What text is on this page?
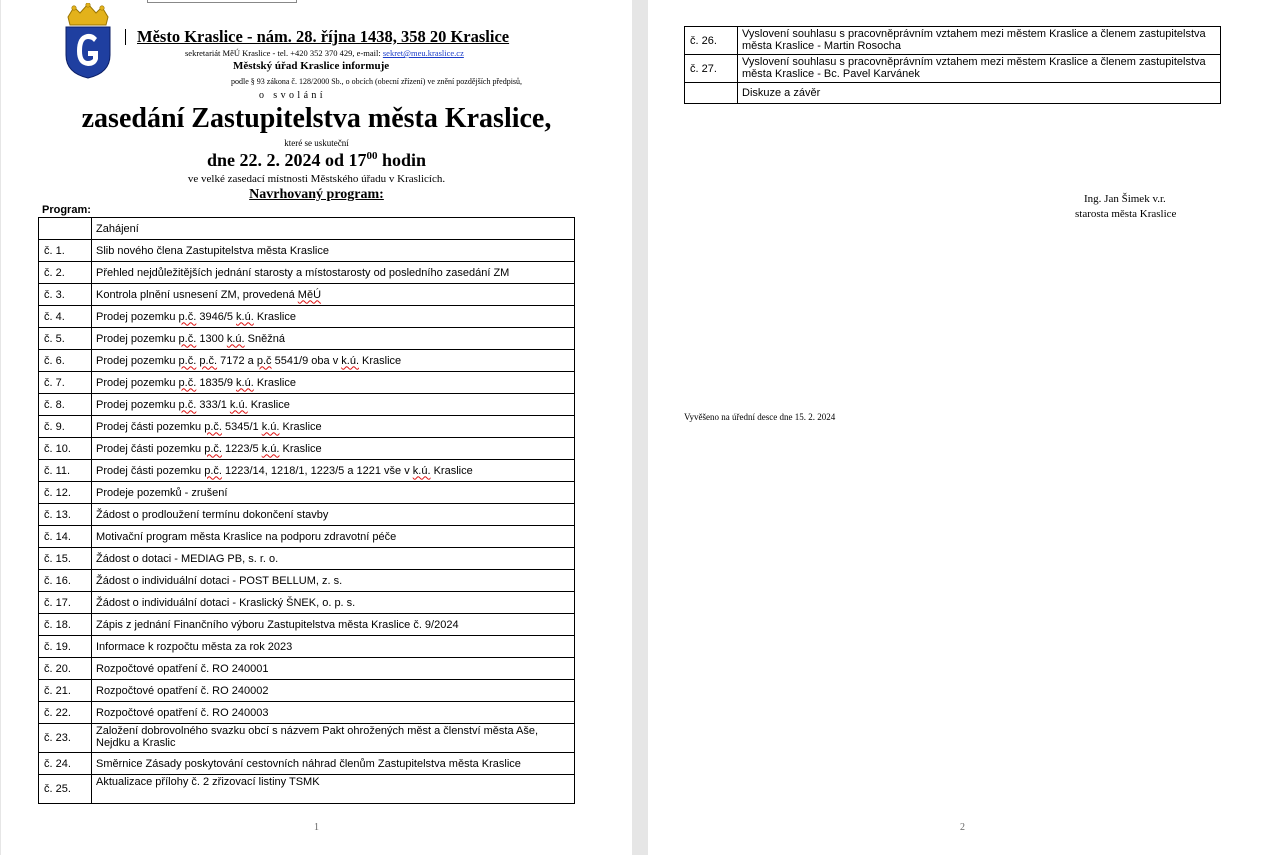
Město Kraslice - nám. 28. října 1438, 358 20 Kraslice
sekretariát MěÚ Kraslice - tel. +420 352 370 429, e-mail: sekret@meu.kraslice.cz
Městský úřad Kraslice informuje
podle § 93 zákona č. 128/2000 Sb., o obcích (obecní zřízení) ve znění pozdějších předpisů,
o svolání
zasedání Zastupitelstva města Kraslice,
které se uskuteční
dne 22. 2. 2024 od $17^{00}$ hodin
ve velké zasedací místnosti Městského úřadu v Kraslicích.
Navrhovaný program:
Program:
	Zahájení
č. 1.	Slib nového člena Zastupitelstva města Kraslice
č. 2.	Přehled nejdůležitějších jednání starosty a místostarosty od posledního zasedání ZM
č. 3.	Kontrola plnění usnesení ZM, provedená MěÚ
č. 4.	Prodej pozemku p.č. 3946/5 k.ú. Kraslice
č. 5.	Prodej pozemku p.č. 1300 k.ú. Sněžná
č. 6.	Prodej pozemku p.č. p.č. 7172 a p.č 5541/9 oba v k.ú. Kraslice
č. 7.	Prodej pozemku p.č. 1835/9 k.ú. Kraslice
č. 8.	Prodej pozemku p.č. 333/1 k.ú. Kraslice
č. 9.	Prodej části pozemku p.č. 5345/1 k.ú. Kraslice
č. 10.	Prodej části pozemku p.č. 1223/5 k.ú. Kraslice
č. 11.	Prodej části pozemku p.č. 1223/14, 1218/1, 1223/5 a 1221 vše v k.ú. Kraslice
č. 12.	Prodeje pozemků - zrušení
č. 13.	Žádost o prodloužení termínu dokončení stavby
č. 14.	Motivační program města Kraslice na podporu zdravotní péče
č. 15.	Žádost o dotaci - MEDIAG PB, s. r. o.
č. 16.	Žádost o individuální dotaci - POST BELLUM, z. s.
č. 17.	Žádost o individuální dotaci - Kraslický ŠNEK, o. p. s.
č. 18.	Zápis z jednání Finančního výboru Zastupitelstva města Kraslice č. 9/2024
č. 19.	Informace k rozpočtu města za rok 2023
č. 20.	Rozpočtové opatření č. RO 240001
č. 21.	Rozpočtové opatření č. RO 240002
č. 22.	Rozpočtové opatření č. RO 240003
č. 23.	Založení dobrovolného svazku obcí s názvem Pakt ohrožených měst a členství města Aše, Nejdku a Kraslic
č. 24.	Směrnice Zásady poskytování cestovních náhrad členům Zastupitelstva města Kraslice
č. 25.	Aktualizace přílohy č. 2 zřizovací listiny TSMK
1
č. 26.	Vyslovení souhlasu s pracovněprávním vztahem mezi městem Kraslice a členem zastupitelstva města Kraslice - Martin Rosocha
č. 27.	Vyslovení souhlasu s pracovněprávním vztahem mezi městem Kraslice a členem zastupitelstva města Kraslice - Bc. Pavel Karvánek
	Diskuze a závěr
Ing. Jan Šimek v.r.
starosta města Kraslice
Vyvěšeno na úřední desce dne 15. 2. 2024
2
